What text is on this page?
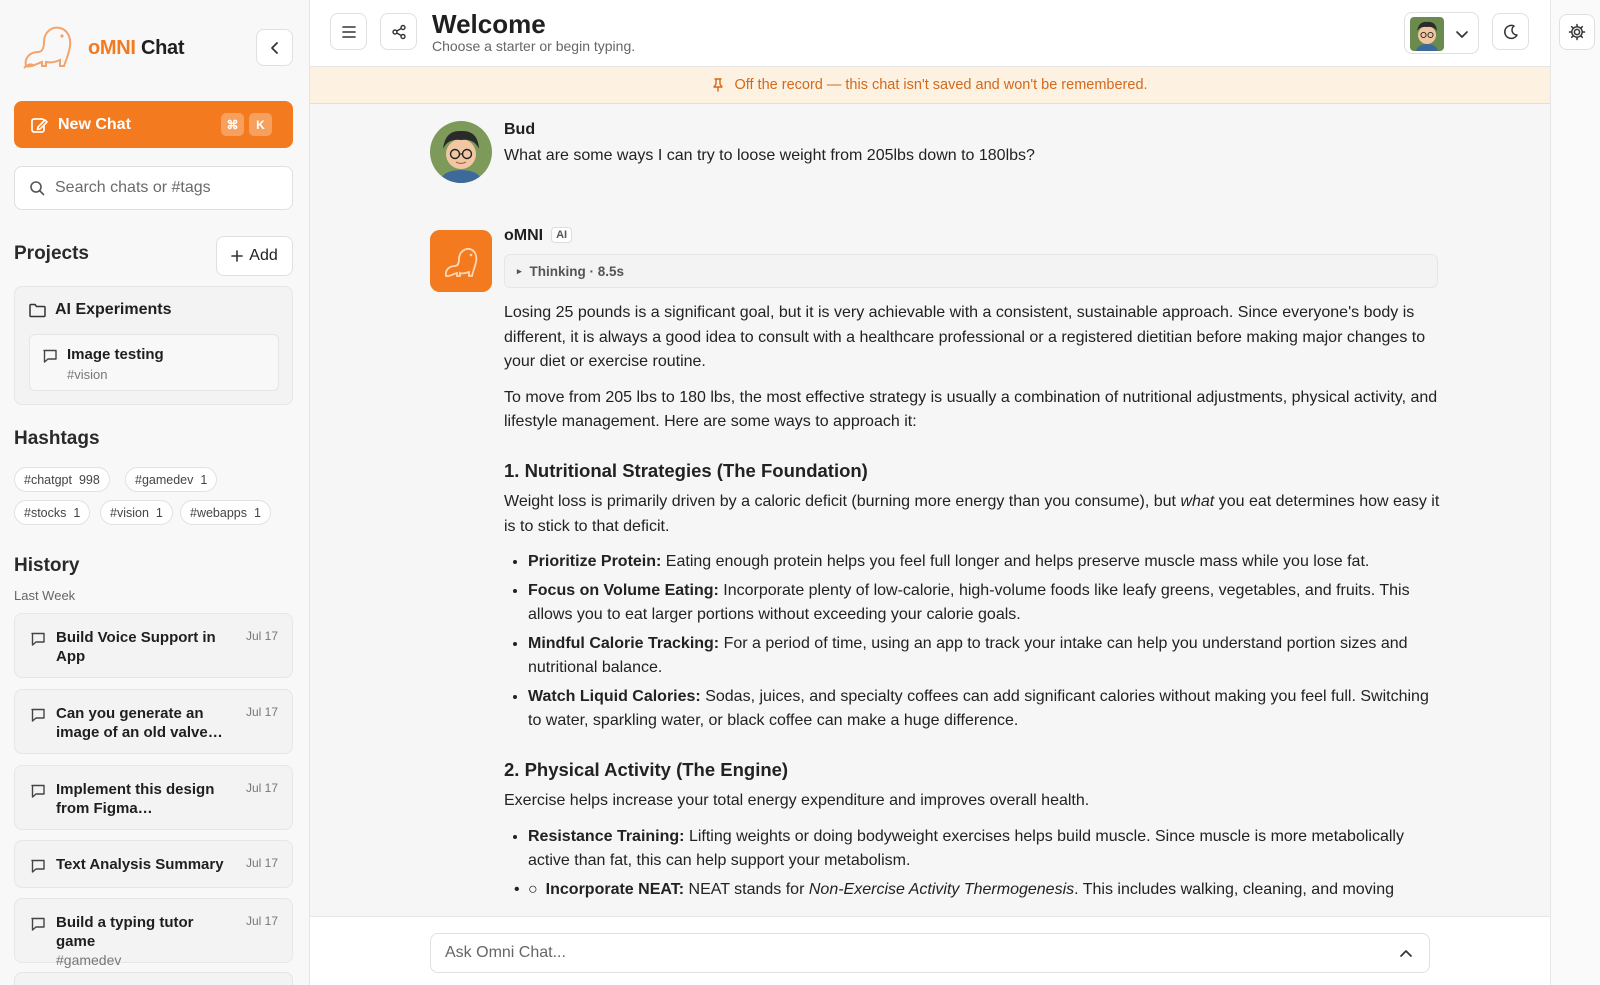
oMNI Chat
New Chat	⌘	K
Search chats or #tags
Projects	Add
AI Experiments
Image testing
#vision
Hashtags
#chatgpt 998	#gamedev 1
#stocks 1 #vision 1 #webapps 1
History
Last Week
Build Voice Support in App
Jul 17
Can you generate an image of an old valve…
Jul 17
Implement this design from Figma…
Jul 17
Text Analysis Summary Jul 17
Build a typing tutor game
#gamedev
Jul 17
Welcome
Choose a starter or begin typing.
Off the record — this chat isn't saved and won't be remembered.
Bud
What are some ways I can try to loose weight from 205lbs down to 180lbs?
oMNI AI
▸ Thinking · 8.5s

Losing 25 pounds is a significant goal, but it is very achievable with a consistent, sustainable approach. Since everyone's body is different, it is always a good idea to consult with a healthcare professional or a registered dietitian before making major changes to your diet or exercise routine.

To move from 205 lbs to 180 lbs, the most effective strategy is usually a combination of nutritional adjustments, physical activity, and lifestyle management. Here are some ways to approach it:

1. Nutritional Strategies (The Foundation)

Weight loss is primarily driven by a caloric deficit (burning more energy than you consume), but what you eat determines how easy it is to stick to that deficit.

• Prioritize Protein: Eating enough protein helps you feel full longer and helps preserve muscle mass while you lose fat.
• Focus on Volume Eating: Incorporate plenty of low-calorie, high-volume foods like leafy greens, vegetables, and fruits. This allows you to eat larger portions without exceeding your calorie goals.
• Mindful Calorie Tracking: For a period of time, using an app to track your intake can help you understand portion sizes and nutritional balance.
• Watch Liquid Calories: Sodas, juices, and specialty coffees can add significant calories without making you feel full. Switching to water, sparkling water, or black coffee can make a huge difference.
2. Physical Activity (The Engine)

Exercise helps increase your total energy expenditure and improves overall health.

• Resistance Training: Lifting weights or doing bodyweight exercises helps build muscle. Since muscle is more metabolically active than fat, this can help support your metabolism.
• ○ Incorporate NEAT: NEAT stands for Non-Exercise Activity Thermogenesis. This includes walking, cleaning, and moving
Ask Omni Chat...
